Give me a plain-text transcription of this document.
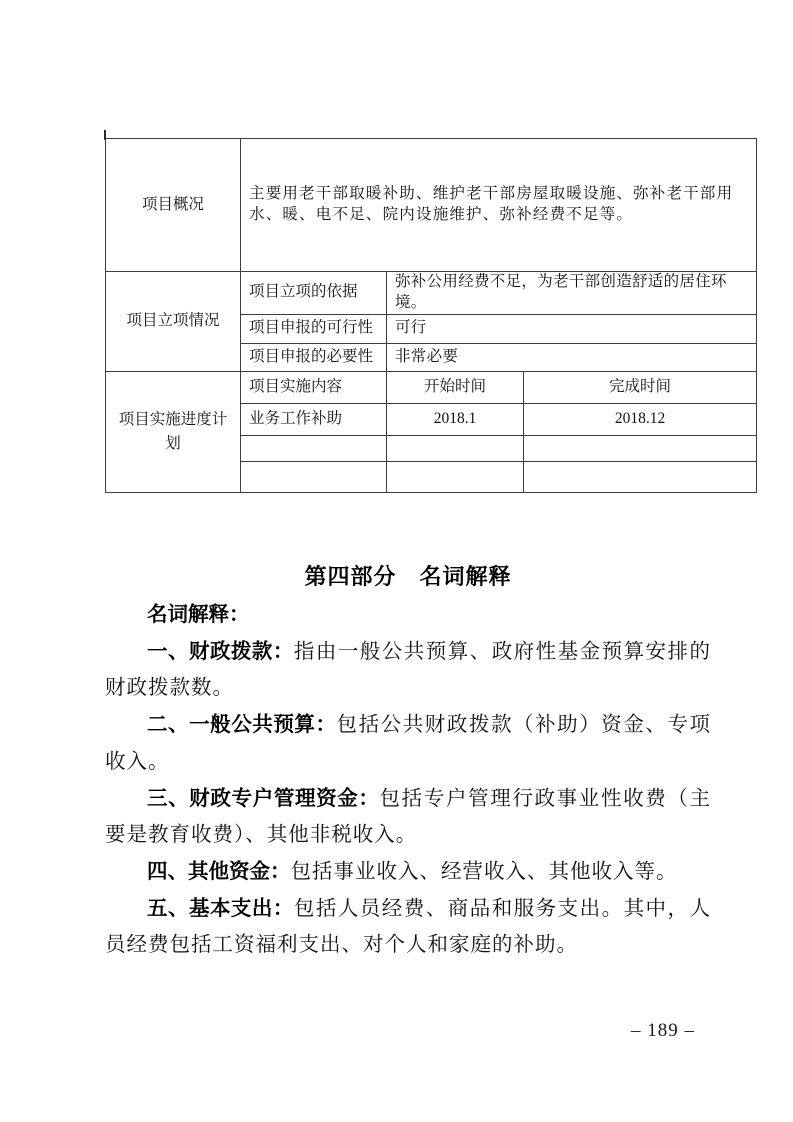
项目概况	主要用老干部取暖补助、维护老干部房屋取暖设施、弥补老干部用水、暖、电不足、院内设施维护、弥补经费不足等。		
项目立项情况	项目立项的依据	弥补公用经费不足，为老干部创造舒适的居住环境。	
	项目申报的可行性	可行	
	项目申报的必要性	非常必要	
项目实施进度计划	项目实施内容	开始时间	完成时间
	业务工作补助	2018.1	2018.12

第四部分　名词解释
名词解释：
一、财政拨款：指由一般公共预算、政府性基金预算安排的财政拨款数。
二、一般公共预算：包括公共财政拨款（补助）资金、专项收入。
三、财政专户管理资金：包括专户管理行政事业性收费（主要是教育收费）、其他非税收入。
四、其他资金：包括事业收入、经营收入、其他收入等。
五、基本支出：包括人员经费、商品和服务支出。其中，人员经费包括工资福利支出、对个人和家庭的补助。
– 189 –
